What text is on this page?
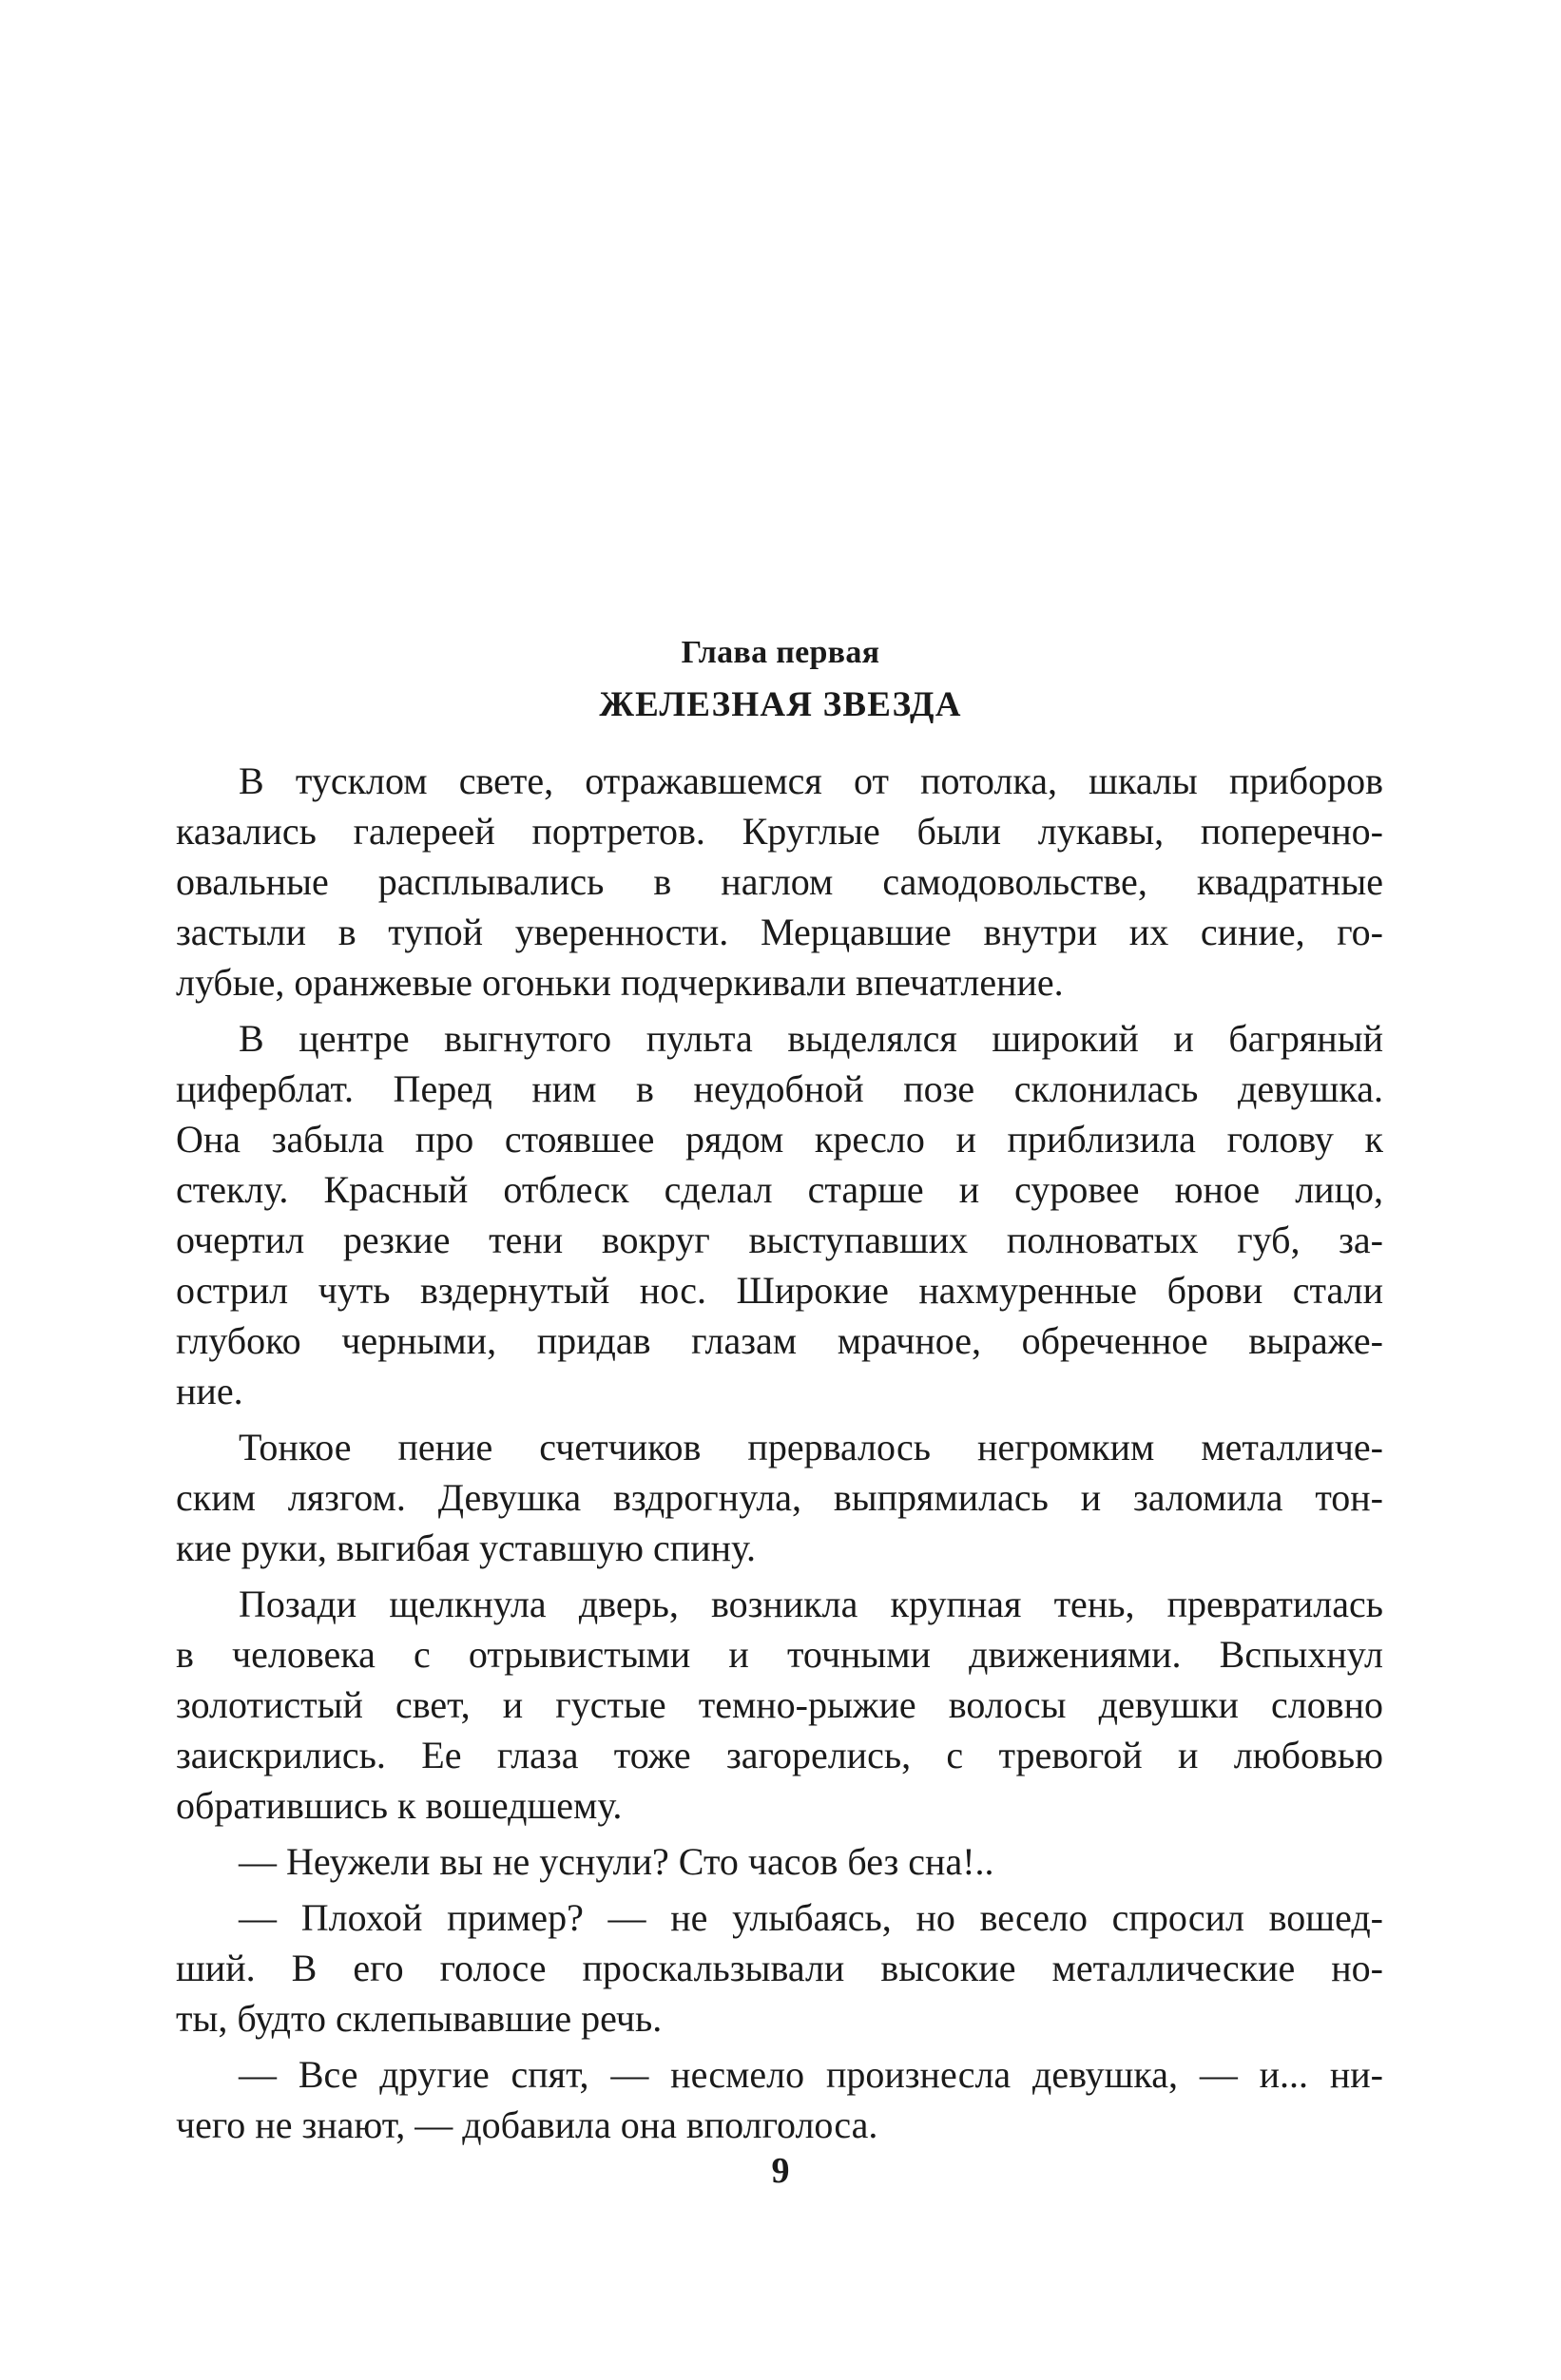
Глава первая
ЖЕЛЕЗНАЯ ЗВЕЗДА
В тусклом свете, отражавшемся от потолка, шкалы приборов
казались галереей портретов. Круглые были лукавы, поперечно-
овальные расплывались в наглом самодовольстве, квадратные
застыли в тупой уверенности. Мерцавшие внутри их синие, го-
лубые, оранжевые огоньки подчеркивали впечатление.
В центре выгнутого пульта выделялся широкий и багряный
циферблат. Перед ним в неудобной позе склонилась девушка.
Она забыла про стоявшее рядом кресло и приблизила голову к
стеклу. Красный отблеск сделал старше и суровее юное лицо,
очертил резкие тени вокруг выступавших полноватых губ, за-
острил чуть вздернутый нос. Широкие нахмуренные брови стали
глубоко черными, придав глазам мрачное, обреченное выраже-
ние.
Тонкое пение счетчиков прервалось негромким металличе-
ским лязгом. Девушка вздрогнула, выпрямилась и заломила тон-
кие руки, выгибая уставшую спину.
Позади щелкнула дверь, возникла крупная тень, превратилась
в человека с отрывистыми и точными движениями. Вспыхнул
золотистый свет, и густые темно-рыжие волосы девушки словно
заискрились. Ее глаза тоже загорелись, с тревогой и любовью
обратившись к вошедшему.
— Неужели вы не уснули? Сто часов без сна!..
— Плохой пример? — не улыбаясь, но весело спросил вошед-
ший. В его голосе проскальзывали высокие металлические но-
ты, будто склепывавшие речь.
— Все другие спят, — несмело произнесла девушка, — и... ни-
чего не знают, — добавила она вполголоса.
9
